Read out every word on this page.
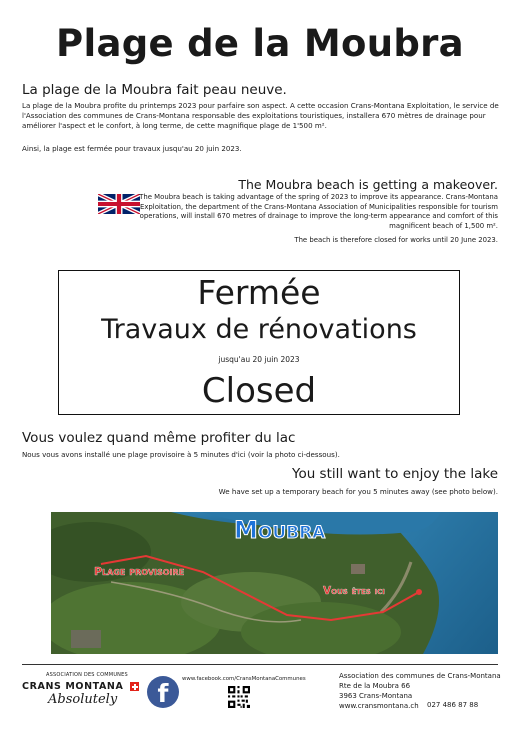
Plage de la Moubra
La plage de la Moubra fait peau neuve.
La plage de la Moubra profite du printemps 2023 pour parfaire son aspect. A cette occasion Crans-Montana Exploitation, le service de l'Association des communes de Crans-Montana responsable des exploitations touristiques, installera 670 mètres de drainage pour améliorer l'aspect et le confort, à long terme, de cette magnifique plage de 1'500 m².
Ainsi, la plage est fermée pour travaux jusqu'au 20 juin 2023.
The Moubra beach is getting a makeover.
The Moubra beach is taking advantage of the spring of 2023 to improve its appearance. Crans-Montana Exploitation, the department of the Crans-Montana Association of Municipalities responsible for tourism operations, will install 670 metres of drainage to improve the long-term appearance and comfort of this magnificent beach of 1,500 m².
The beach is therefore closed for works until 20 June 2023.
Fermée
Travaux de rénovations
jusqu'au 20 juin 2023
Closed
Vous voulez quand même profiter du lac
Nous vous avons installé une plage provisoire à 5 minutes d'ici (voir la photo ci-dessous).
You still want to enjoy the lake
We have set up a temporary beach for you 5 minutes away (see photo below).
Moubra
Plage provisoire
Vous êtes ici
ASSOCIATION DES COMMUNES
CRANS MONTANA
Absolutely	f	www.facebook.com/CransMontanaCommunes	Association des communes de Crans-Montana
Rte de la Moubra 66
3963 Crans-Montana
www.cransmontana.ch	027 486 87 88
